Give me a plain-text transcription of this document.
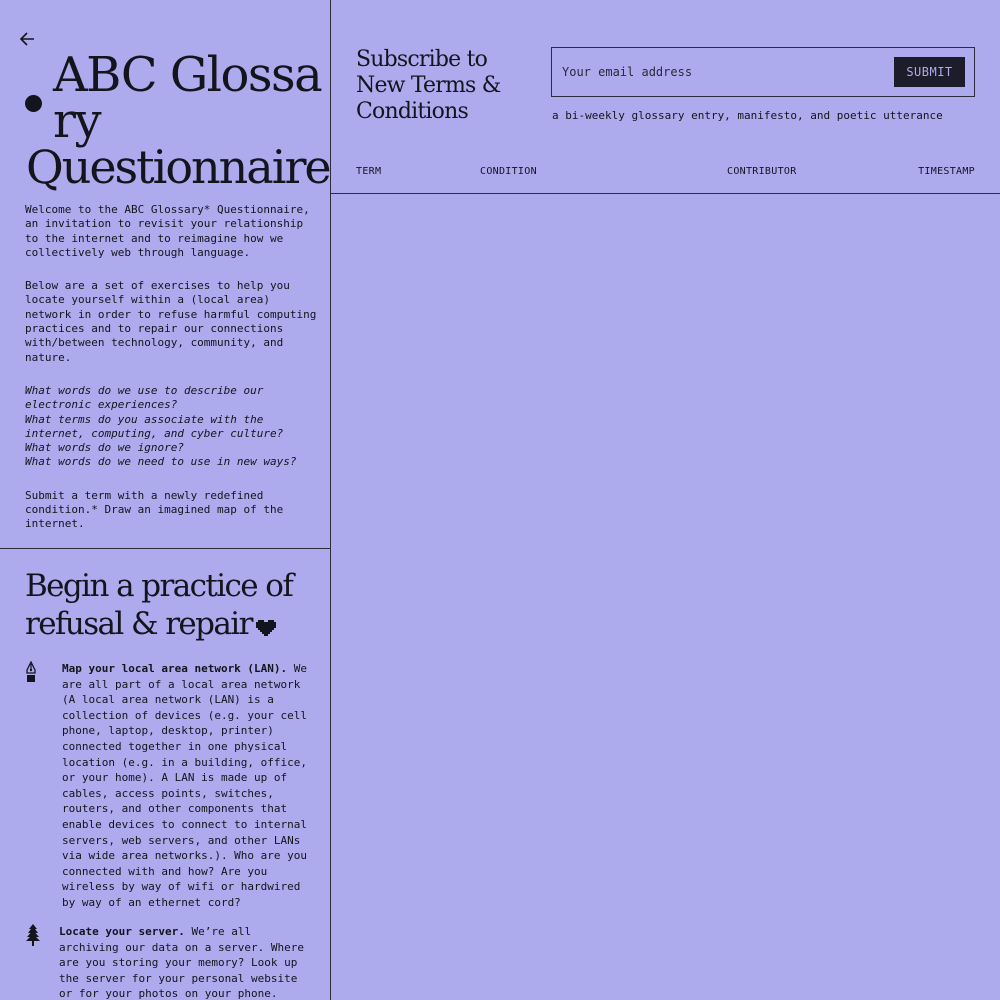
ABC Glossa
ry
Questionnaire

Welcome to the ABC Glossary* Questionnaire, an invitation to revisit your relationship to the internet and to reimagine how we collectively web through language.

Below are a set of exercises to help you locate yourself within a (local area) network in order to refuse harmful computing practices and to repair our connections with/between technology, community, and nature.

What words do we use to describe our electronic experiences?
What terms do you associate with the internet, computing, and cyber culture?
What words do we ignore?
What words do we need to use in new ways?

Submit a term with a newly redefined condition.* Draw an imagined map of the internet.

Begin a practice of refusal & repair
Map your local area network (LAN). We are all part of a local area network (A local area network (LAN) is a collection of devices (e.g. your cell phone, laptop, desktop, printer) connected together in one physical location (e.g. in a building, office, or your home). A LAN is made up of cables, access points, switches, routers, and other components that enable devices to connect to internal servers, web servers, and other LANs via wide area networks.). Who are you connected with and how? Are you wireless by way of wifi or hardwired by way of an ethernet cord?
Locate your server. We’re all archiving our data on a server. Where are you storing your memory? Look up the server for your personal website or for your photos on your phone.
Subscribe to New Terms & Conditions
Your email address
SUBMIT
a bi-weekly glossary entry, manifesto, and poetic utterance
TERM	CONDITION	CONTRIBUTOR	TIMESTAMP
